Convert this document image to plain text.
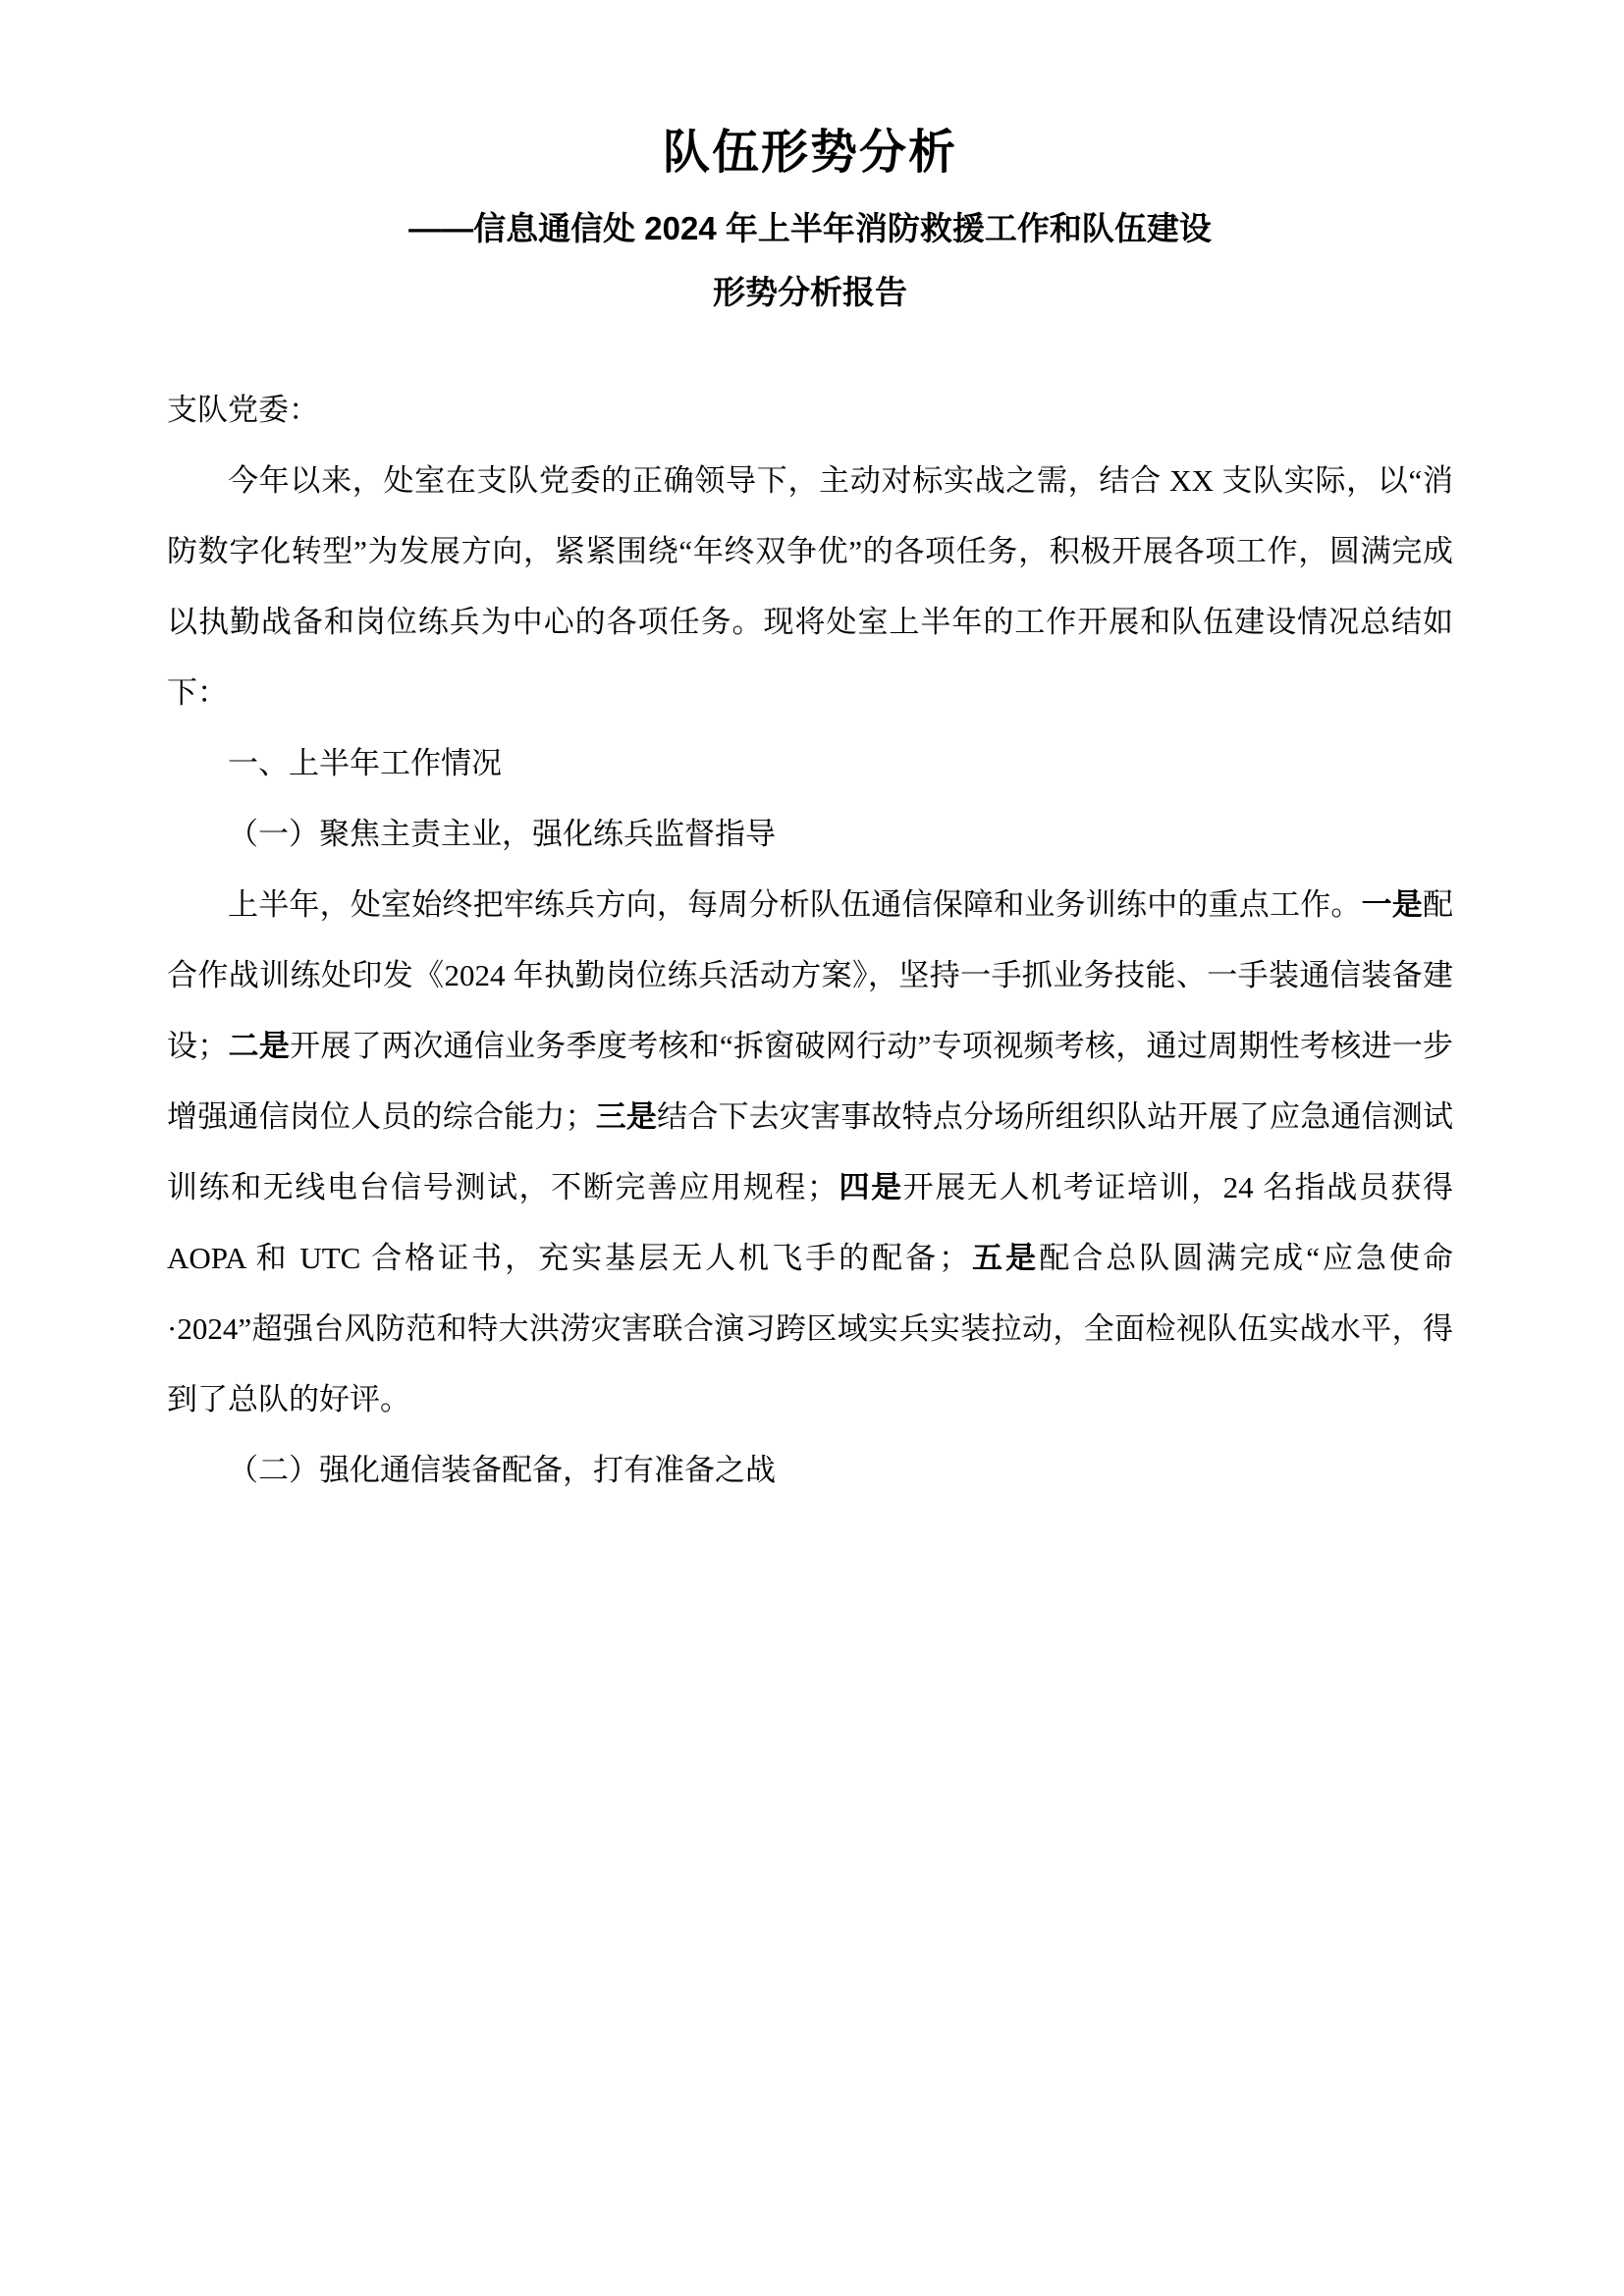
队伍形势分析
——信息通信处 2024 年上半年消防救援工作和队伍建设
形势分析报告

支队党委：

今年以来，处室在支队党委的正确领导下，主动对标实战之需，结合 XX 支队实际，以“消防数字化转型”为发展方向，紧紧围绕“年终双争优”的各项任务，积极开展各项工作，圆满完成以执勤战备和岗位练兵为中心的各项任务。现将处室上半年的工作开展和队伍建设情况总结如下：

一、上半年工作情况

（一）聚焦主责主业，强化练兵监督指导

上半年，处室始终把牢练兵方向，每周分析队伍通信保障和业务训练中的重点工作。一是配合作战训练处印发《2024 年执勤岗位练兵活动方案》，坚持一手抓业务技能、一手装通信装备建设；二是开展了两次通信业务季度考核和“拆窗破网行动”专项视频考核，通过周期性考核进一步增强通信岗位人员的综合能力；三是结合下去灾害事故特点分场所组织队站开展了应急通信测试训练和无线电台信号测试，不断完善应用规程；四是开展无人机考证培训，24 名指战员获得 AOPA 和 UTC 合格证书，充实基层无人机飞手的配备；五是配合总队圆满完成“应急使命·2024”超强台风防范和特大洪涝灾害联合演习跨区域实兵实装拉动，全面检视队伍实战水平，得到了总队的好评。

（二）强化通信装备配备，打有准备之战
